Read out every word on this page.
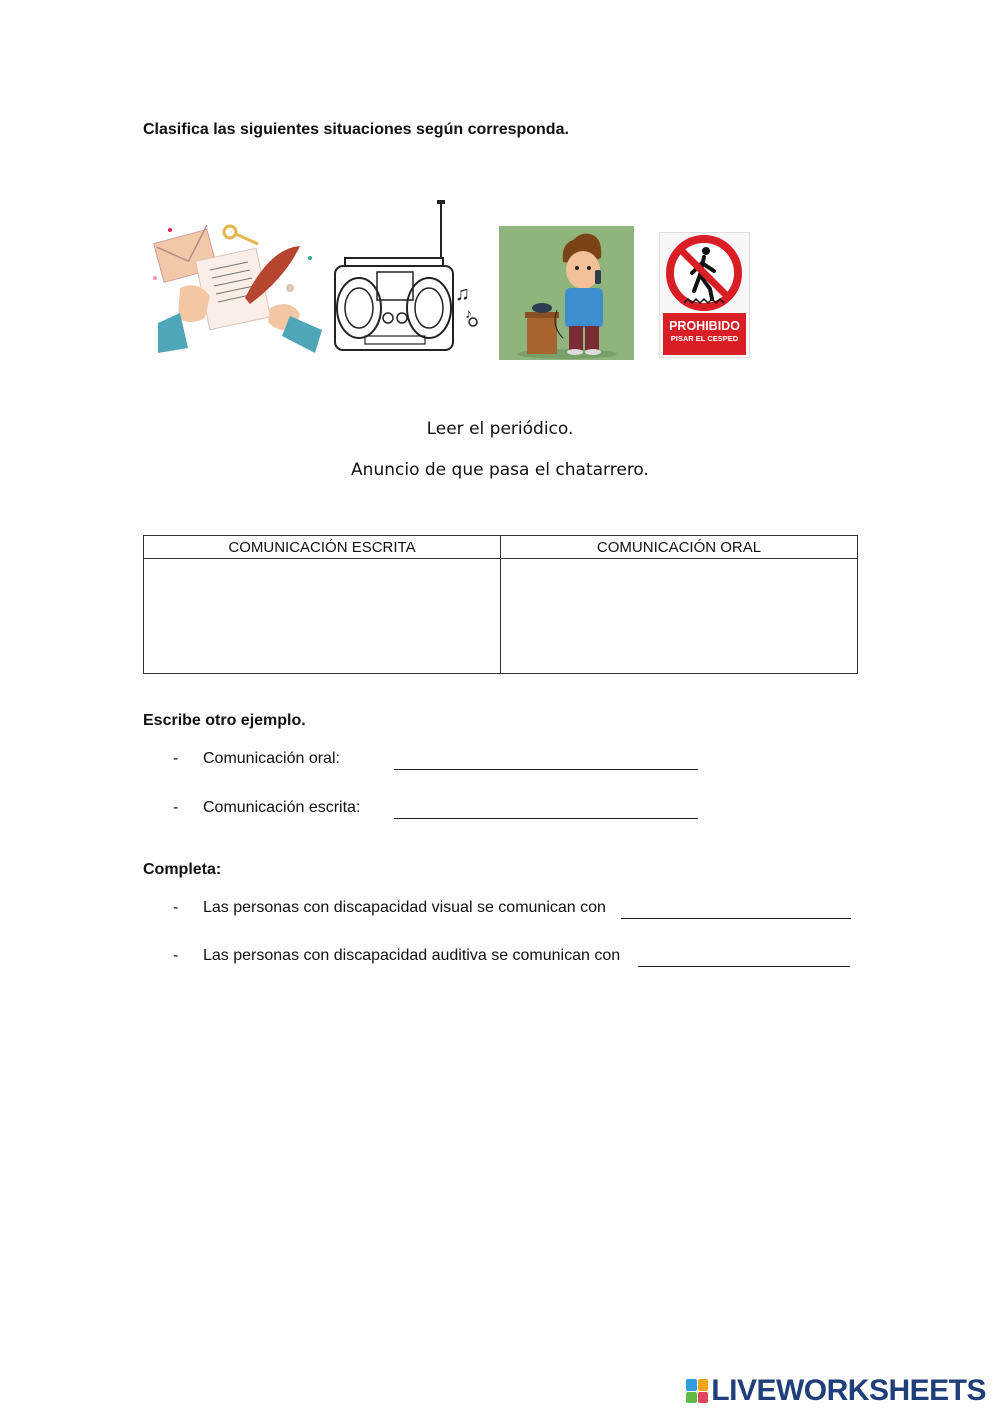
Clasifica las siguientes situaciones según corresponda.
♫
♪
PROHIBIDO
PISAR EL CESPED
Leer el periódico.
Anuncio de que pasa el chatarrero.
COMUNICACIÓN ESCRITA	COMUNICACIÓN ORAL

Escribe otro ejemplo.
- Comunicación oral:
- Comunicación escrita:
Completa:
- Las personas con discapacidad visual se comunican con
- Las personas con discapacidad auditiva se comunican con
LIVEWORKSHEETS
